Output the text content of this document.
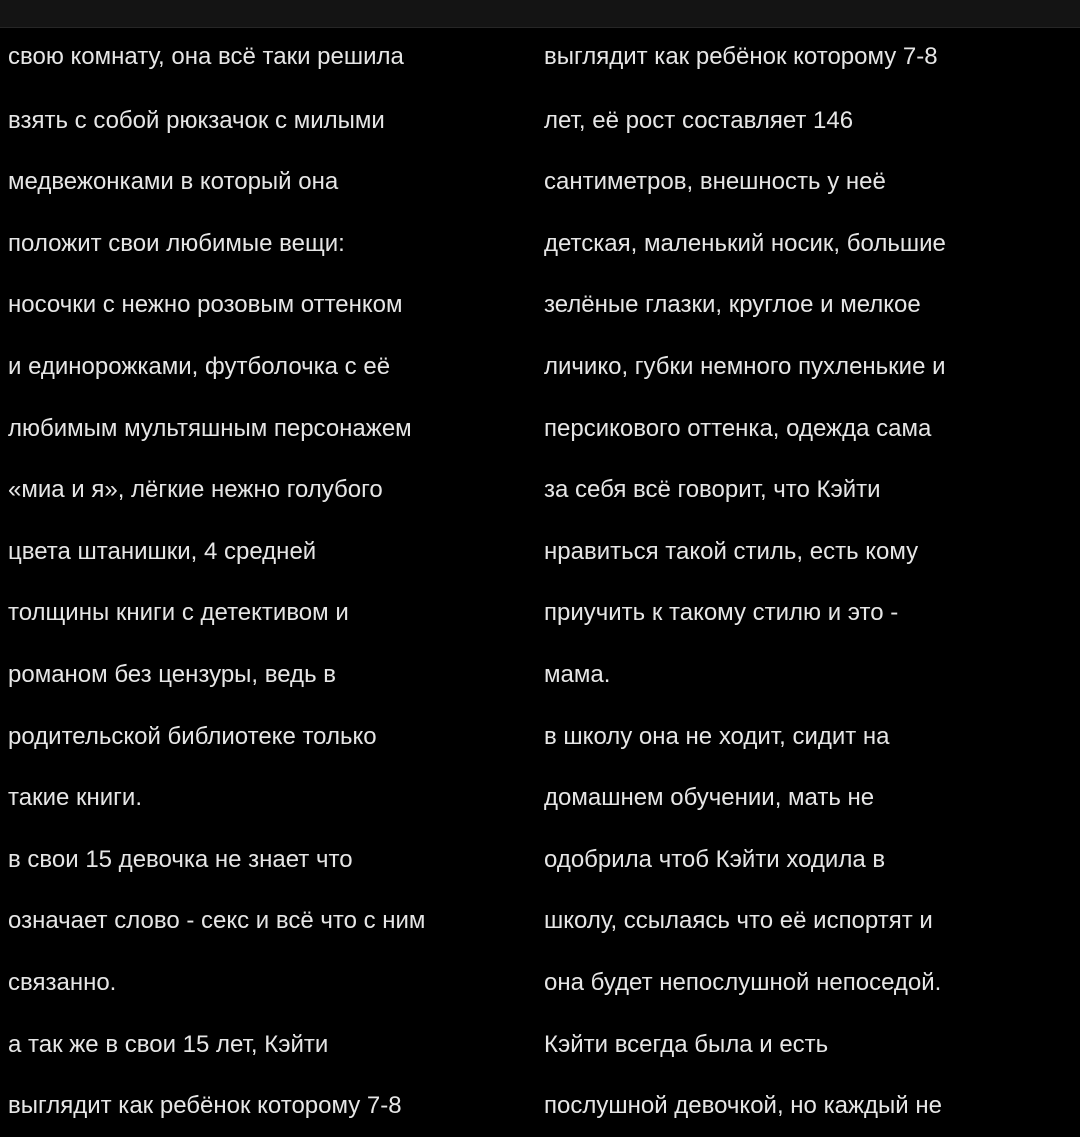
свою комнату, она всё таки решила
взять с собой рюкзачок с милыми
медвежонками в который она
положит свои любимые вещи:
носочки с нежно розовым оттенком
и единорожками, футболочка с её
любимым мультяшным персонажем
«миа и я», лёгкие нежно голубого
цвета штанишки, 4 средней
толщины книги с детективом и
романом без цензуры, ведь в
родительской библиотеке только
такие книги.
в свои 15 девочка не знает что
означает слово - секс и всё что с ним
связанно.
а так же в свои 15 лет, Кэйти
выглядит как ребёнок которому 7-8
выглядит как ребёнок которому 7-8
лет, её рост составляет 146
сантиметров, внешность у неё
детская, маленький носик, большие
зелёные глазки, круглое и мелкое
личико, губки немного пухленькие и
персикового оттенка, одежда сама
за себя всё говорит, что Кэйти
нравиться такой стиль, есть кому
приучить к такому стилю и это -
мама.
в школу она не ходит, сидит на
домашнем обучении, мать не
одобрила чтоб Кэйти ходила в
школу, ссылаясь что её испортят и
она будет непослушной непоседой.
Кэйти всегда была и есть
послушной девочкой, но каждый не
